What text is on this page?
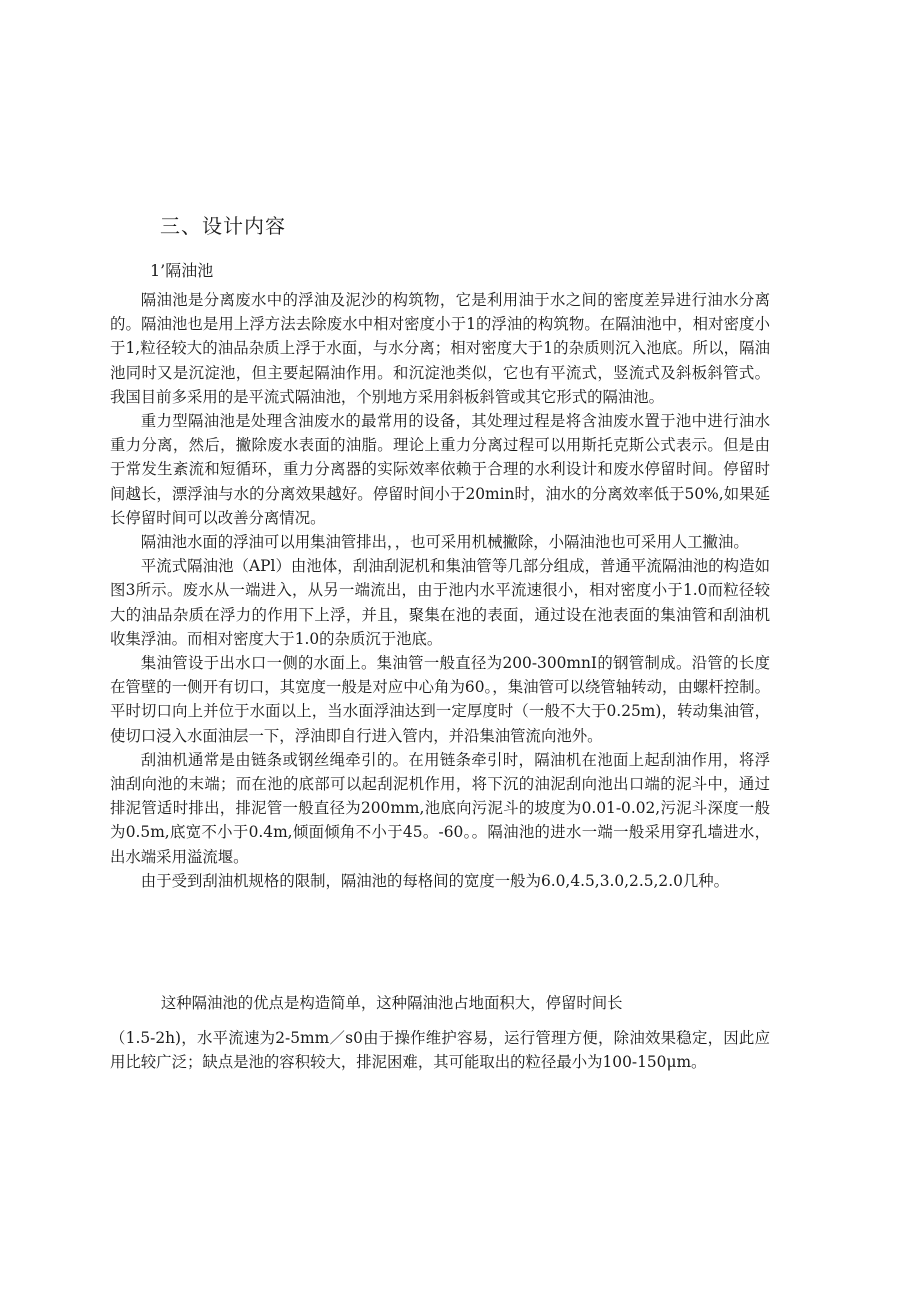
三、设计内容
1’隔油池

隔油池是分离废水中的浮油及泥沙的构筑物，它是利用油于水之间的密度差异进行油水分离的。隔油池也是用上浮方法去除废水中相对密度小于1的浮油的构筑物。在隔油池中，相对密度小于1,粒径较大的油品杂质上浮于水面，与水分离；相对密度大于1的杂质则沉入池底。所以，隔油池同时又是沉淀池，但主要起隔油作用。和沉淀池类似，它也有平流式，竖流式及斜板斜管式。我国目前多采用的是平流式隔油池，个别地方采用斜板斜管或其它形式的隔油池。

重力型隔油池是处理含油废水的最常用的设备，其处理过程是将含油废水置于池中进行油水重力分离，然后，撇除废水表面的油脂。理论上重力分离过程可以用斯托克斯公式表示。但是由于常发生紊流和短循环，重力分离器的实际效率依赖于合理的水利设计和废水停留时间。停留时间越长，漂浮油与水的分离效果越好。停留时间小于20min时，油水的分离效率低于50%,如果延长停留时间可以改善分离情况。

隔油池水面的浮油可以用集油管排出，，也可采用机械撇除，小隔油池也可采用人工撇油。

平流式隔油池（APl）由池体，刮油刮泥机和集油管等几部分组成，普通平流隔油池的构造如图3所示。废水从一端进入，从另一端流出，由于池内水平流速很小，相对密度小于1.0而粒径较大的油品杂质在浮力的作用下上浮，并且，聚集在池的表面，通过设在池表面的集油管和刮油机收集浮油。而相对密度大于1.0的杂质沉于池底。

集油管设于出水口一侧的水面上。集油管一般直径为200-300mnI的钢管制成。沿管的长度在管壁的一侧开有切口，其宽度一般是对应中心角为60。，集油管可以绕管轴转动，由螺杆控制。平时切口向上并位于水面以上，当水面浮油达到一定厚度时（一般不大于0.25m)，转动集油管，使切口浸入水面油层一下，浮油即自行进入管内，并沿集油管流向池外。

刮油机通常是由链条或钢丝绳牵引的。在用链条牵引时，隔油机在池面上起刮油作用，将浮油刮向池的末端；而在池的底部可以起刮泥机作用，将下沉的油泥刮向池出口端的泥斗中，通过排泥管适时排出，排泥管一般直径为200mm,池底向污泥斗的坡度为0.01-0.02,污泥斗深度一般为0.5m,底宽不小于0.4m,倾面倾角不小于45。-60。。隔油池的进水一端一般采用穿孔墙进水，出水端采用溢流堰。

由于受到刮油机规格的限制，隔油池的每格间的宽度一般为6.0,4.5,3.0,2.5,2.0几种。

这种隔油池的优点是构造简单，这种隔油池占地面积大，停留时间长

（1.5-2h)，水平流速为2-5mm／s0由于操作维护容易，运行管理方便，除油效果稳定，因此应用比较广泛；缺点是池的容积较大，排泥困难，其可能取出的粒径最小为100-150μm。
